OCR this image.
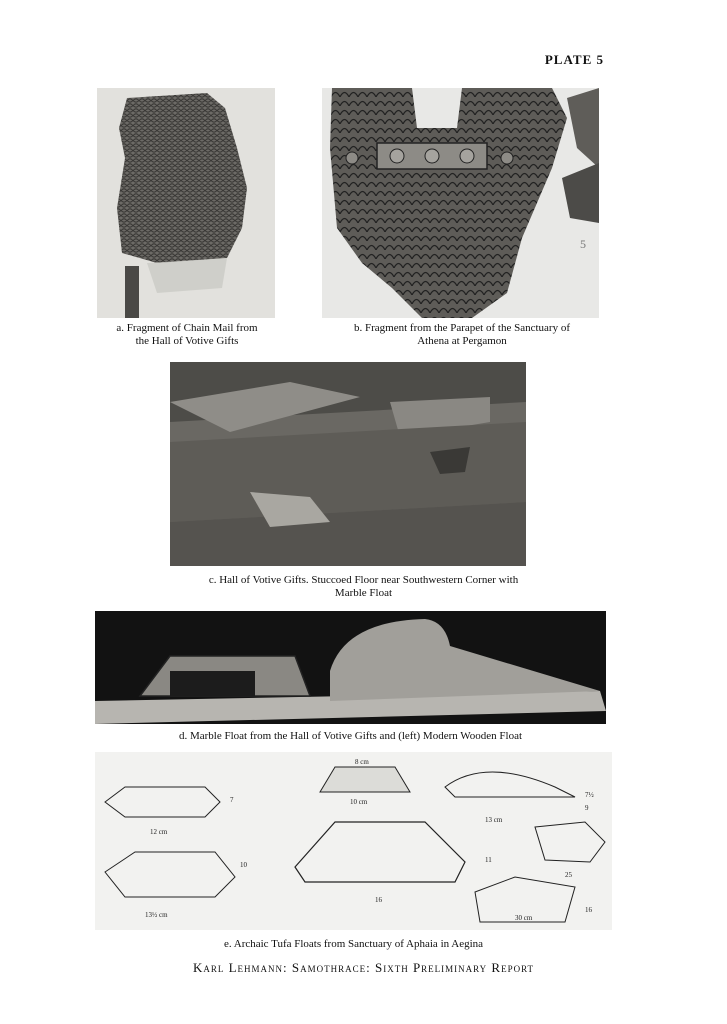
PLATE 5
a. Fragment of Chain Mail from
the Hall of Votive Gifts
5
b. Fragment from the Parapet of the Sanctuary of
Athena at Pergamon
c. Hall of Votive Gifts. Stuccoed Floor near Southwestern Corner with
Marble Float
d. Marble Float from the Hall of Votive Gifts and (left) Modern Wooden Float
7
12 cm
10
13½ cm
8 cm
10 cm
11
16
9
7½
13 cm
25
16
30 cm
e. Archaic Tufa Floats from Sanctuary of Aphaia in Aegina
Karl Lehmann: Samothrace: Sixth Preliminary Report
